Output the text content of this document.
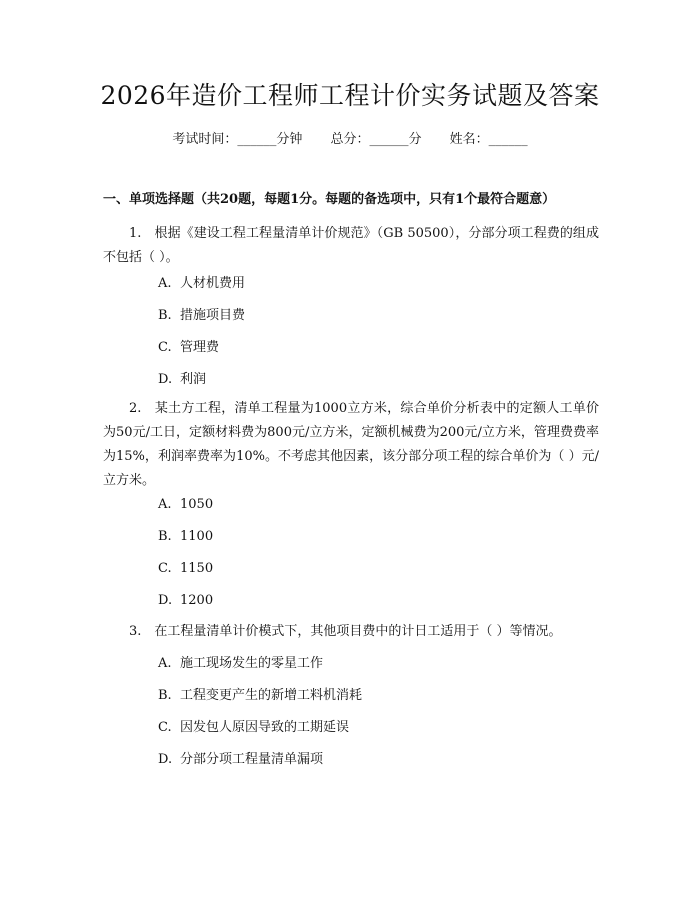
2026年造价工程师工程计价实务试题及答案
考试时间：______分钟 总分：______分 姓名：______
一、单项选择题（共20题，每题1分。每题的备选项中，只有1个最符合题意）
1.　根据《建设工程工程量清单计价规范》（GB 50500），分部分项工程费的组成不包括（ ）。
A. 人材机费用
B. 措施项目费
C. 管理费
D. 利润
2.　某土方工程，清单工程量为1000立方米，综合单价分析表中的定额人工单价为50元/工日，定额材料费为800元/立方米，定额机械费为200元/立方米，管理费费率为15%，利润率费率为10%。不考虑其他因素，该分部分项工程的综合单价为（ ）元/立方米。
A. 1050
B. 1100
C. 1150
D. 1200
3.　在工程量清单计价模式下，其他项目费中的计日工适用于（ ）等情况。
A. 施工现场发生的零星工作
B. 工程变更产生的新增工料机消耗
C. 因发包人原因导致的工期延误
D. 分部分项工程量清单漏项
